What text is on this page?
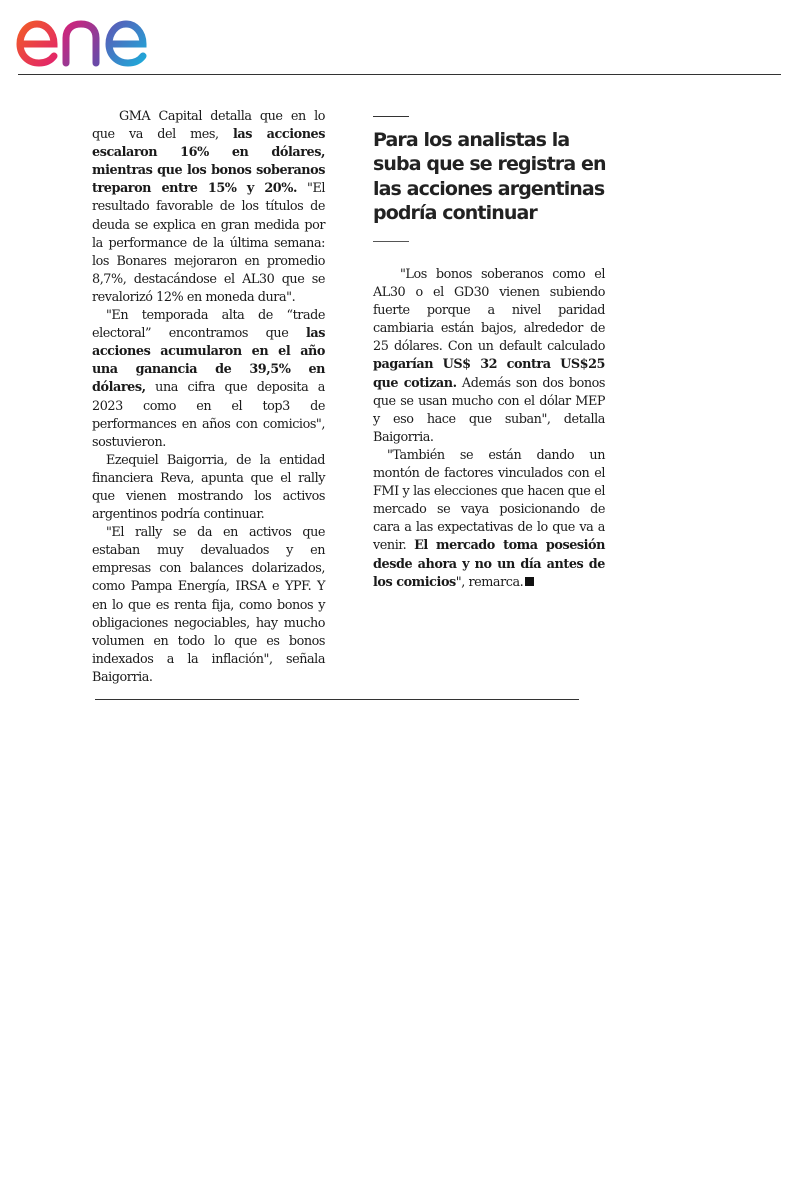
GMA Capital detalla que en lo que va del mes, las acciones escalaron 16% en dólares, mientras que los bonos soberanos treparon entre 15% y 20%. "El resultado favorable de los títulos de deuda se explica en gran medida por la performance de la última semana: los Bonares mejoraron en promedio 8,7%, destacándose el AL30 que se revalorizó 12% en moneda dura".

"En temporada alta de “trade electoral” encontramos que las acciones acumularon en el año una ganancia de 39,5% en dólares, una cifra que deposita a 2023 como en el top3 de performances en años con comicios", sostuvieron.

Ezequiel Baigorria, de la entidad financiera Reva, apunta que el rally que vienen mostrando los activos argentinos podría continuar.

"El rally se da en activos que estaban muy devaluados y en empresas con balances dolarizados, como Pampa Energía, IRSA e YPF. Y en lo que es renta fija, como bonos y obligaciones negociables, hay mucho volumen en todo lo que es bonos indexados a la inflación", señala Baigorria.

Para los analistas la suba que se registra en las acciones argentinas podría continuar

"Los bonos soberanos como el AL30 o el GD30 vienen subiendo fuerte porque a nivel paridad cambiaria están bajos, alrededor de 25 dólares. Con un default calculado pagarían US$ 32 contra US$25 que cotizan. Además son dos bonos que se usan mucho con el dólar MEP y eso hace que suban", detalla Baigorria.

"También se están dando un montón de factores vinculados con el FMI y las elecciones que hacen que el mercado se vaya posicionando de cara a las expectativas de lo que va a venir. El mercado toma posesión desde ahora y no un día antes de los comicios", remarca.
